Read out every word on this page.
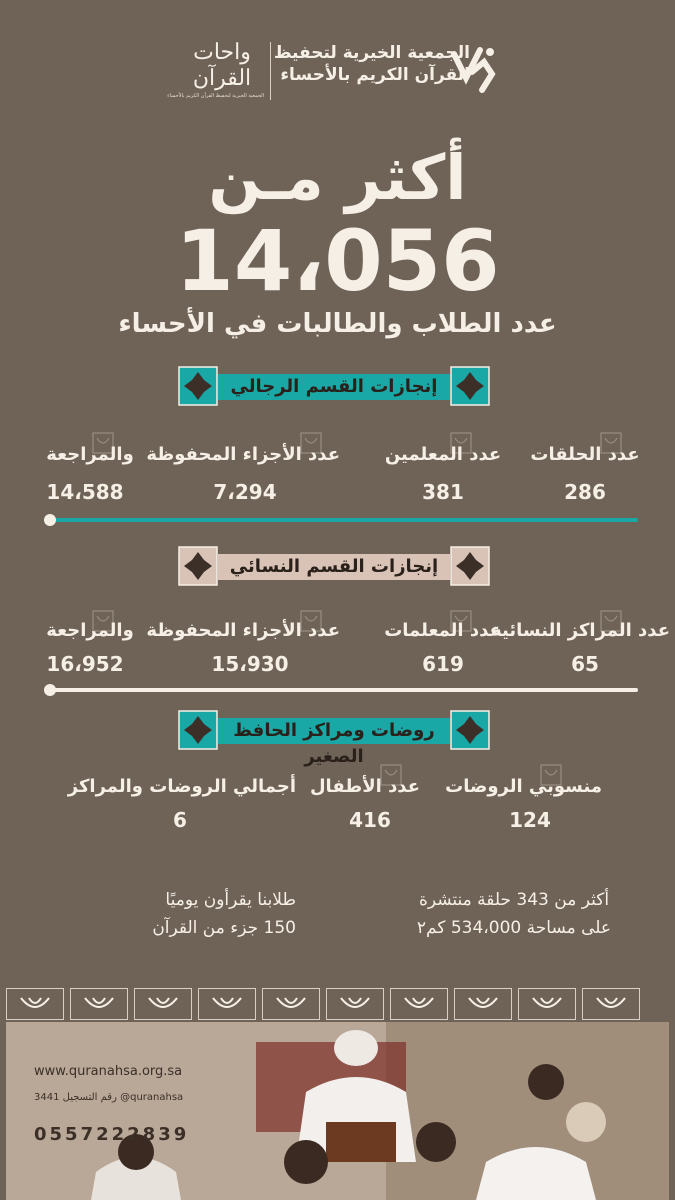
الجمعية الخيرية لتحفيظ
القرآن الكريم بالأحساء
واحات القرآن
الجمعية الخيرية لتحفيظ القرآن الكريم بالأحساء
أكثر مـن
14،056
عدد الطلاب والطالبات في الأحساء
إنجازات القسم الرجالي
عدد الحلقات
286
عدد المعلمين
381
عدد الأجزاء المحفوظة
7،294
والمراجعة
14،588
إنجازات القسم النسائي
عدد المراكز النسائية
65
عدد المعلمات
619
عدد الأجزاء المحفوظة
15،930
والمراجعة
16،952
روضات ومراكز الحافظ الصغير
منسوبي الروضات
124
عدد الأطفال
416
أجمالي الروضات والمراكز
6
أكثر من 343 حلقة منتشرة
على مساحة 534،000 كم٢
طلابنا يقرأون يوميًا
150 جزء من القرآن
www.quranahsa.org.sa
3441 رقم التسجيل @quranahsa
0557222839
